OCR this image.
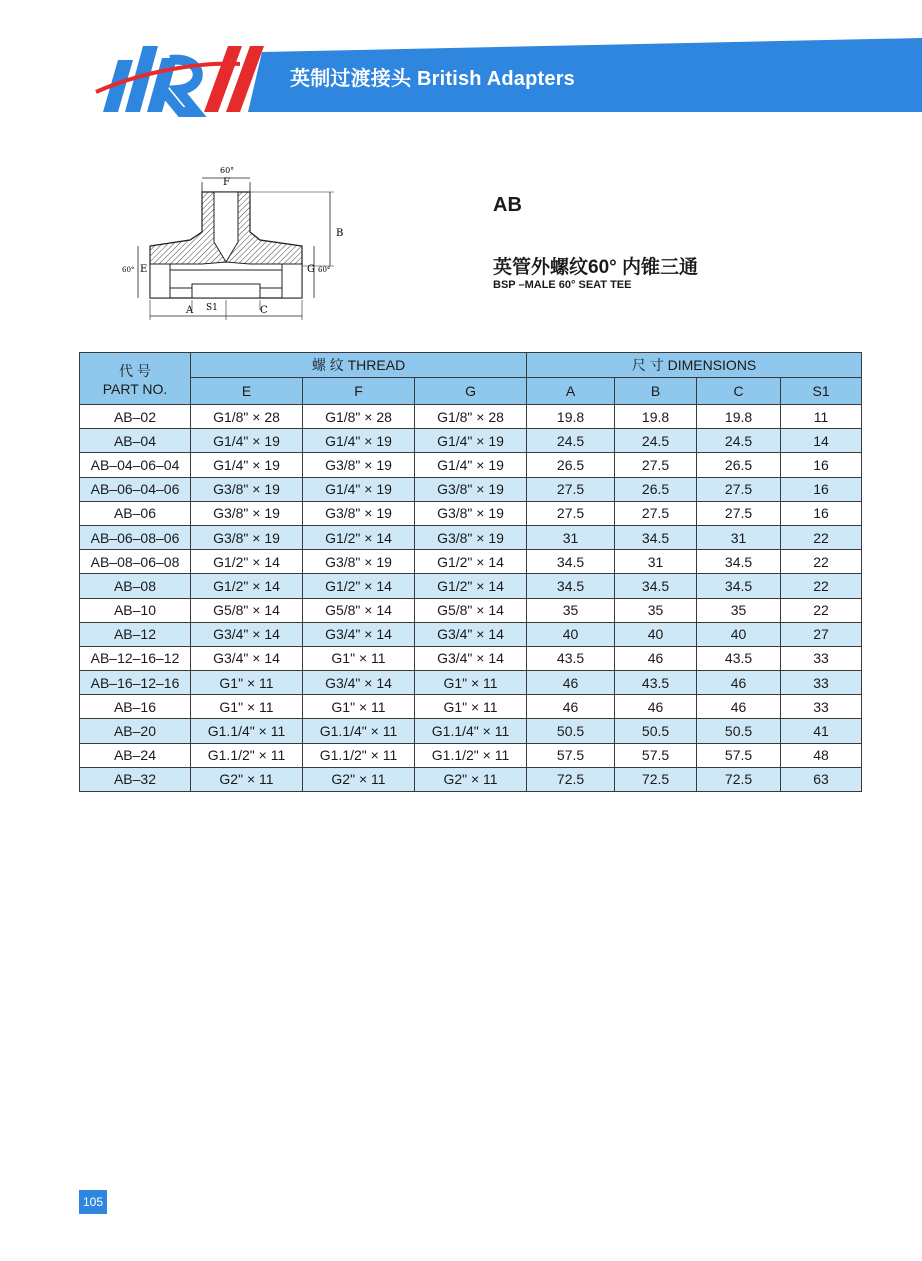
英制过渡接头 British Adapters
60°
F
B
60° E	G 60°
A S1	C
AB
英管外螺纹60° 内锥三通
BSP –MALE 60° SEAT TEE
代 号
PART NO.	螺 纹 THREAD			尺 寸 DIMENSIONS			
	E	F	G	A	B	C	S1
AB–02	G1/8" × 28	G1/8" × 28	G1/8" × 28	19.8	19.8	19.8	11
AB–04	G1/4" × 19	G1/4" × 19	G1/4" × 19	24.5	24.5	24.5	14
AB–04–06–04	G1/4" × 19	G3/8" × 19	G1/4" × 19	26.5	27.5	26.5	16
AB–06–04–06	G3/8" × 19	G1/4" × 19	G3/8" × 19	27.5	26.5	27.5	16
AB–06	G3/8" × 19	G3/8" × 19	G3/8" × 19	27.5	27.5	27.5	16
AB–06–08–06	G3/8" × 19	G1/2" × 14	G3/8" × 19	31	34.5	31	22
AB–08–06–08	G1/2" × 14	G3/8" × 19	G1/2" × 14	34.5	31	34.5	22
AB–08	G1/2" × 14	G1/2" × 14	G1/2" × 14	34.5	34.5	34.5	22
AB–10	G5/8" × 14	G5/8" × 14	G5/8" × 14	35	35	35	22
AB–12	G3/4" × 14	G3/4" × 14	G3/4" × 14	40	40	40	27
AB–12–16–12	G3/4" × 14	G1" × 11	G3/4" × 14	43.5	46	43.5	33
AB–16–12–16	G1" × 11	G3/4" × 14	G1" × 11	46	43.5	46	33
AB–16	G1" × 11	G1" × 11	G1" × 11	46	46	46	33
AB–20	G1.1/4" × 11	G1.1/4" × 11	G1.1/4" × 11	50.5	50.5	50.5	41
AB–24	G1.1/2" × 11	G1.1/2" × 11	G1.1/2" × 11	57.5	57.5	57.5	48
AB–32	G2" × 11	G2" × 11	G2" × 11	72.5	72.5	72.5	63
105
